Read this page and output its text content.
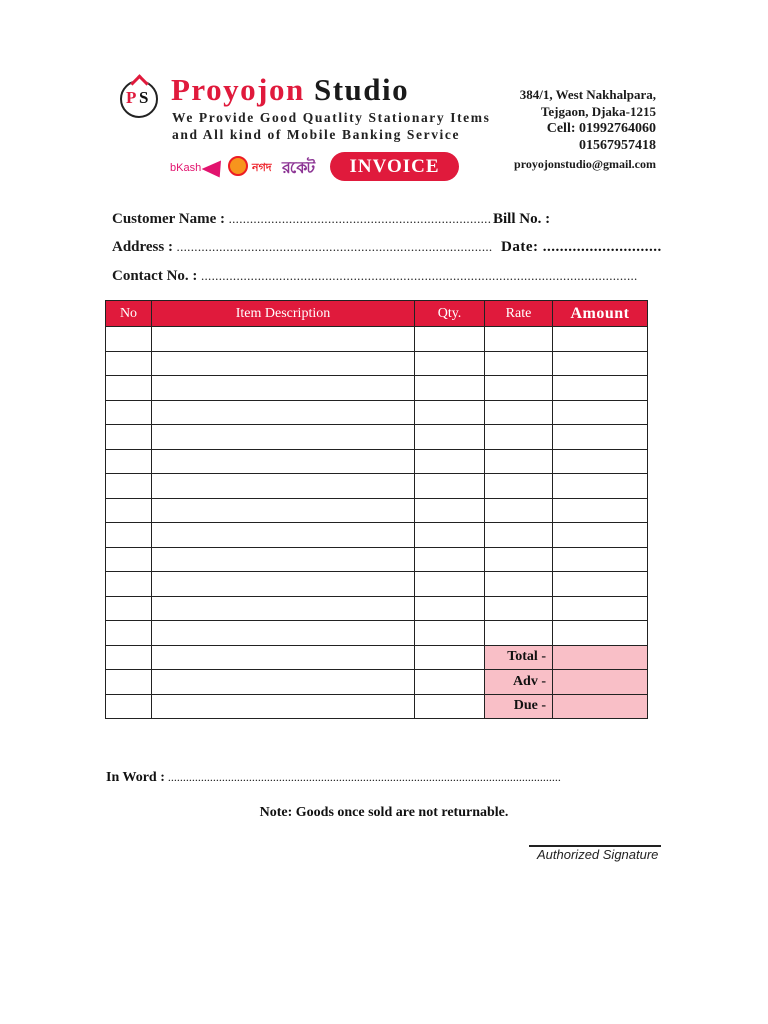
P S Proyojon Studio
We Provide Good Quatlity Stationary Items
and All kind of Mobile Banking Service
384/1, West Nakhalpara,
Tejgaon, Djaka-1215
Cell: 01992764060
01567957418
proyojonstudio@gmail.com
bKash	নগদ রকেট	INVOICE
Customer Name : .......................................................................... Bill No. :
Address : ......................................................................................... Date: ............................
Contact No. : ...........................................................................................................................
No	Item Description	Qty.	Rate	Amount

			Total -	
			Adv -	
			Due -	
In Word : ...................................................................................................................................
Note: Goods once sold are not returnable.
Authorized Signature
